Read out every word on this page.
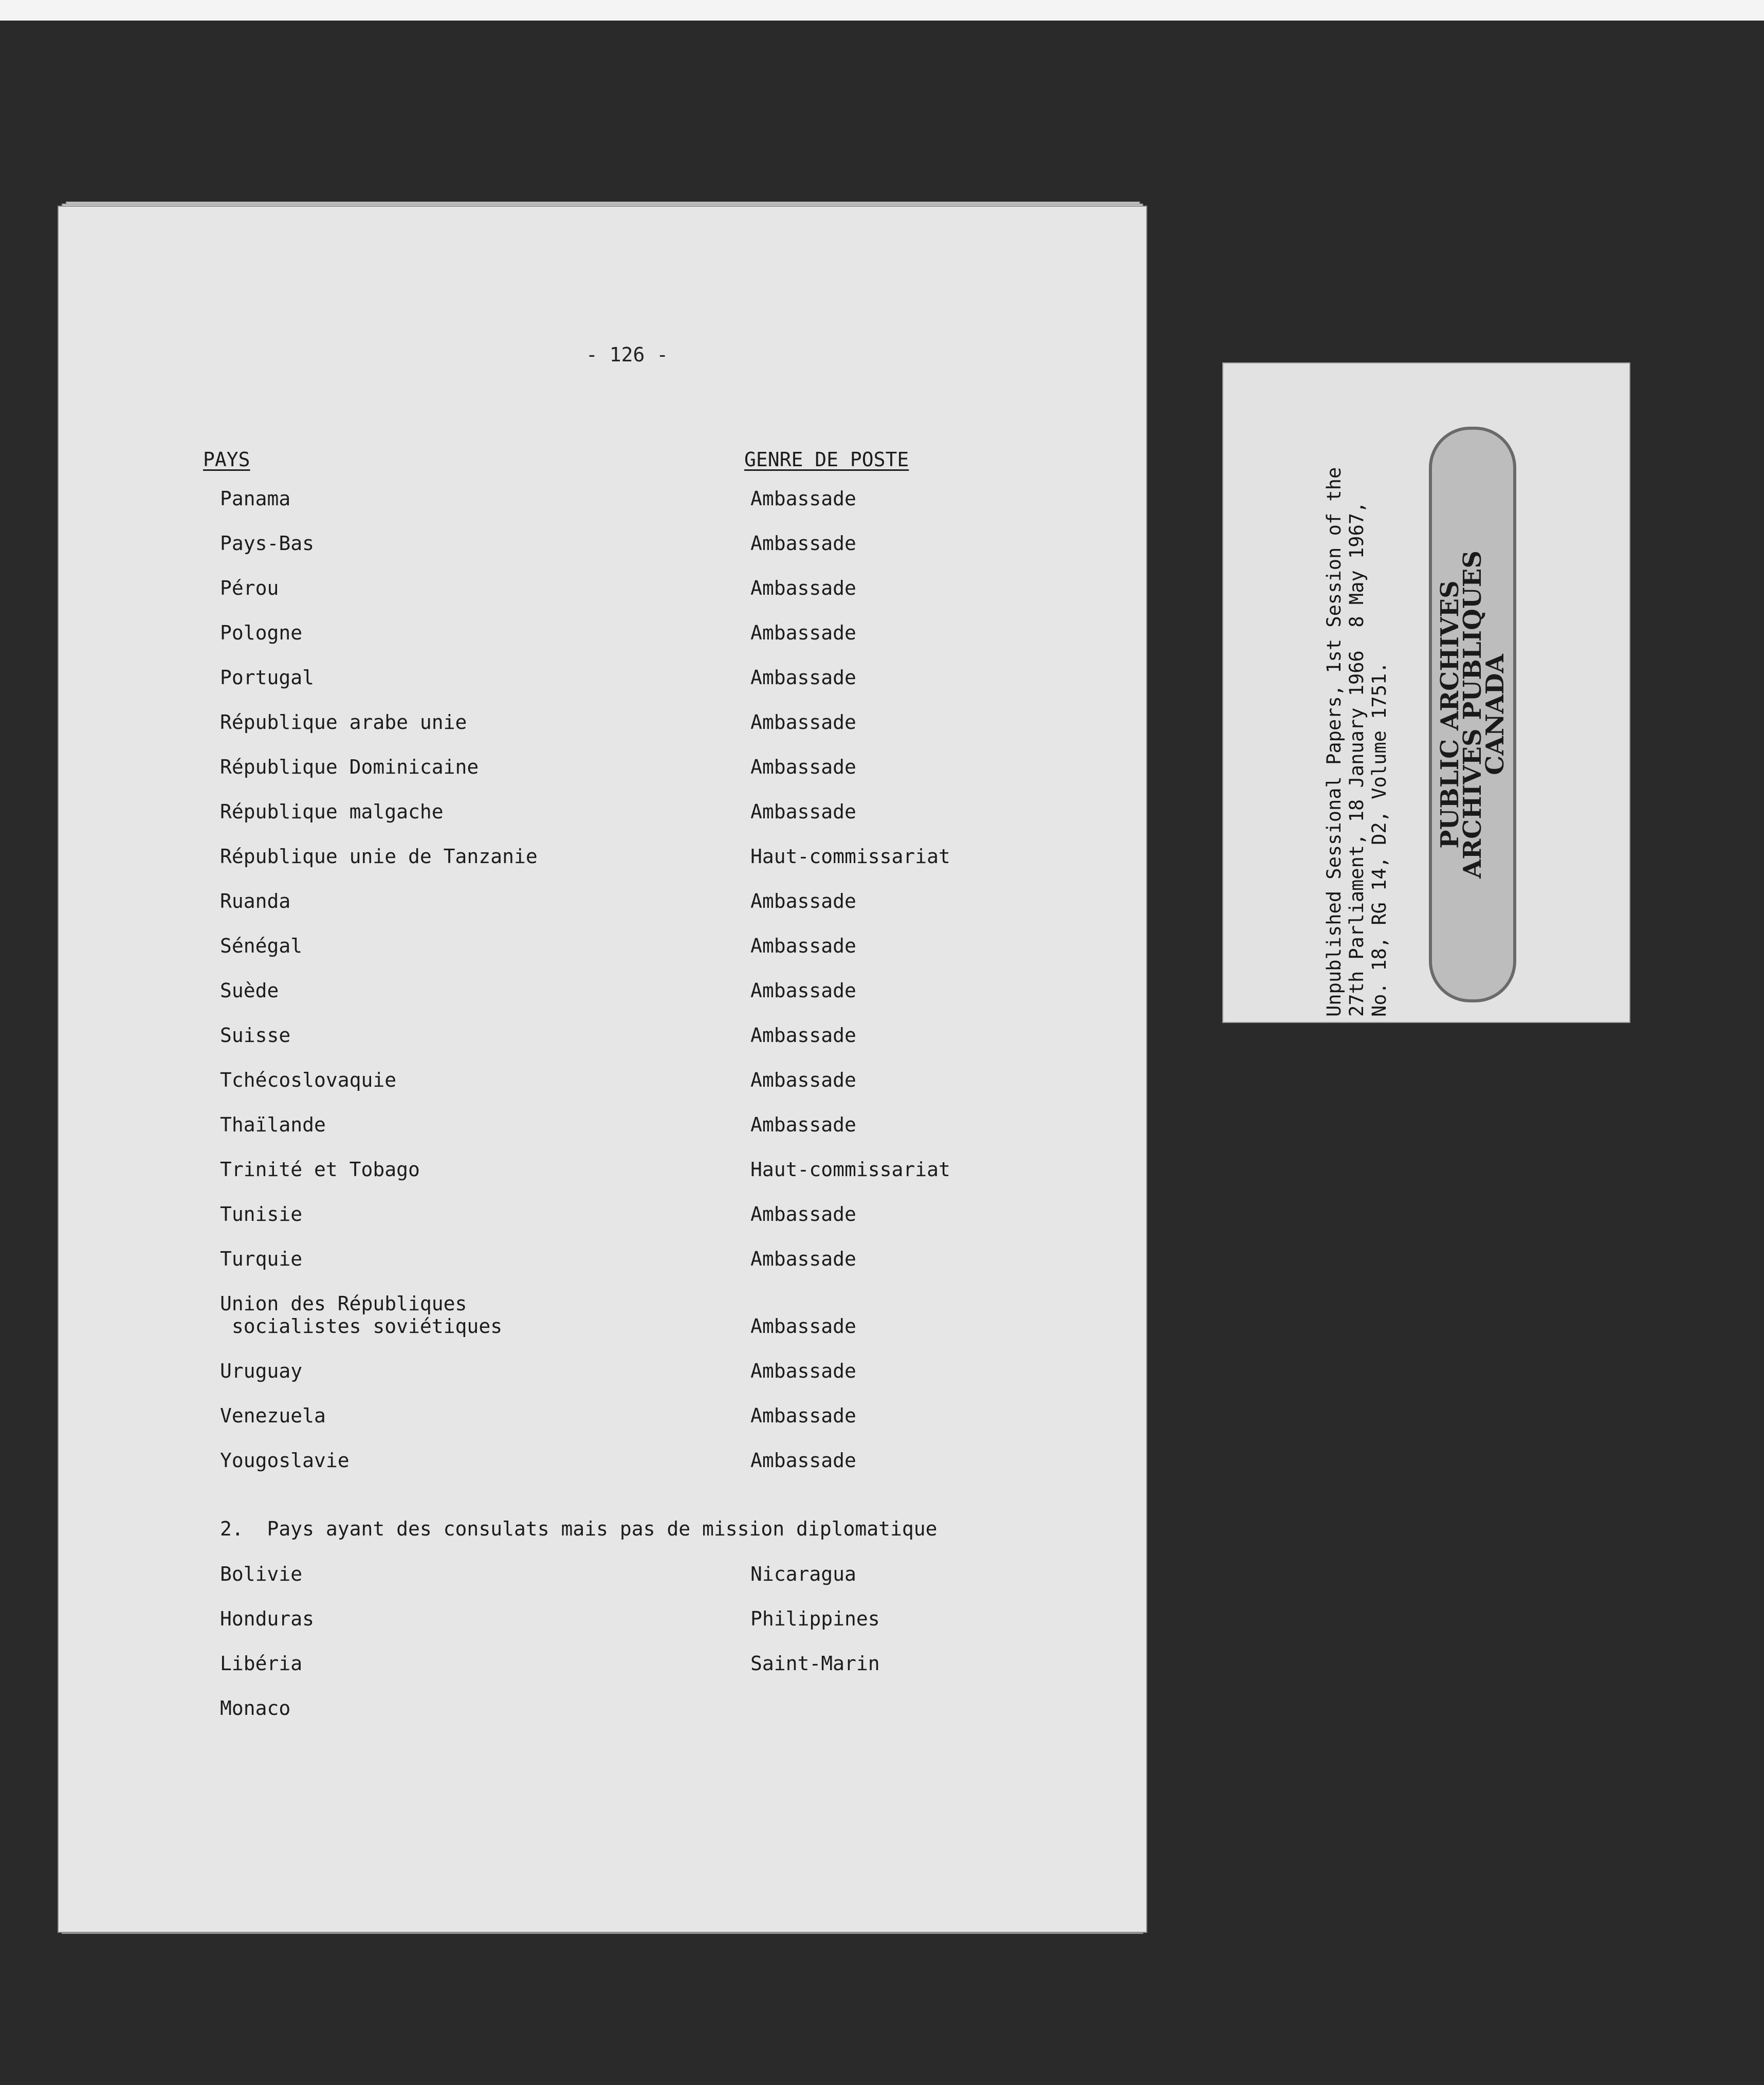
- 126 -
PAYS	GENRE DE POSTE
Panama	Ambassade
Pays-Bas	Ambassade
Pérou	Ambassade
Pologne	Ambassade
Portugal	Ambassade
République arabe unie	Ambassade
République Dominicaine	Ambassade
République malgache	Ambassade
République unie de Tanzanie	Haut-commissariat
Ruanda	Ambassade
Sénégal	Ambassade
Suède	Ambassade
Suisse	Ambassade
Tchécoslovaquie	Ambassade
Thaïlande	Ambassade
Trinité et Tobago	Haut-commissariat
Tunisie	Ambassade
Turquie	Ambassade
Union des Républiques
socialistes soviétiques	Ambassade
Uruguay	Ambassade
Venezuela	Ambassade
Yougoslavie	Ambassade
2.  Pays ayant des consulats mais pas de mission diplomatique
Bolivie	Nicaragua
Honduras	Philippines
Libéria	Saint-Marin
Monaco
Unpublished Sessional Papers, 1st Session of the
27th Parliament, 18 January 1966  8 May 1967,
No. 18, RG 14, D2, Volume 1751.
PUBLIC ARCHIVES
ARCHIVES PUBLIQUES
CANADA
